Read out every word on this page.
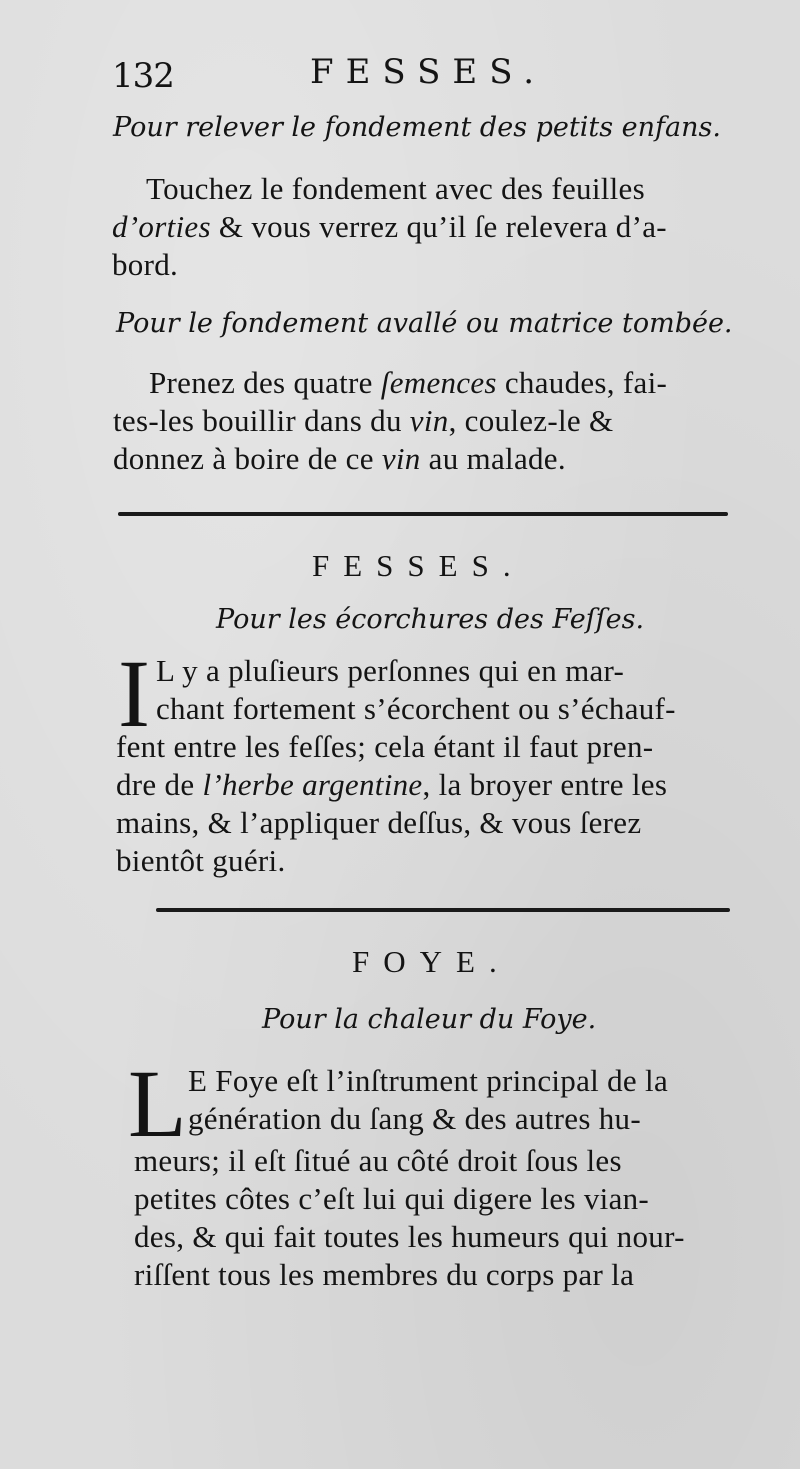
132	FESSES.
Pour relever le fondement des petits enfans.
Touchez le fondement avec des feuilles
d’orties & vous verrez qu’il ſe relevera d’a-
bord.
Pour le fondement avallé ou matrice tombée.
Prenez des quatre ſemences chaudes, fai-
tes-les bouillir dans du vin, coulez-le &
donnez à boire de ce vin au malade.
FESSES.
Pour les écorchures des Feſſes.
I L y a pluſieurs perſonnes qui en mar-
chant fortement s’écorchent ou s’échauf-
fent entre les feſſes; cela étant il faut pren-
dre de l’herbe argentine, la broyer entre les
mains, & l’appliquer deſſus, & vous ſerez
bientôt guéri.
FOYE.
Pour la chaleur du Foye.
L E Foye eſt l’inſtrument principal de la
génération du ſang & des autres hu-
meurs; il eſt ſitué au côté droit ſous les
petites côtes c’eſt lui qui digere les vian-
des, & qui fait toutes les humeurs qui nour-
riſſent tous les membres du corps par la
